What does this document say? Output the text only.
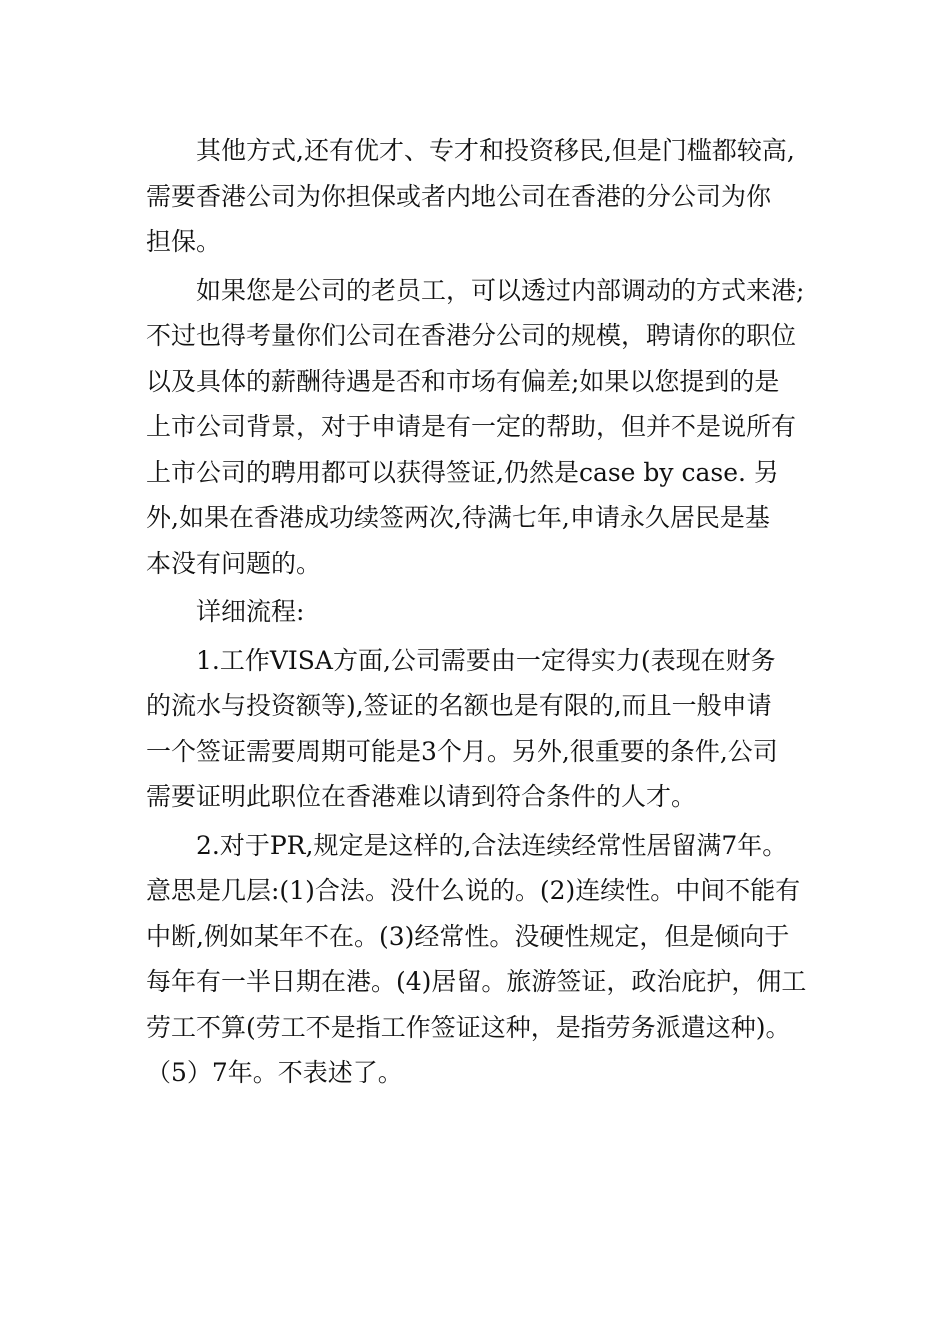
其他方式,还有优才、专才和投资移民,但是门槛都较高,
需要香港公司为你担保或者内地公司在香港的分公司为你
担保。
如果您是公司的老员工，可以透过内部调动的方式来港;
不过也得考量你们公司在香港分公司的规模，聘请你的职位
以及具体的薪酬待遇是否和市场有偏差;如果以您提到的是
上市公司背景，对于申请是有一定的帮助，但并不是说所有
上市公司的聘用都可以获得签证,仍然是case by case. 另
外,如果在香港成功续签两次,待满七年,申请永久居民是基
本没有问题的。
详细流程:
1.工作VISA方面,公司需要由一定得实力(表现在财务
的流水与投资额等),签证的名额也是有限的,而且一般申请
一个签证需要周期可能是3个月。另外,很重要的条件,公司
需要证明此职位在香港难以请到符合条件的人才。
2.对于PR,规定是这样的,合法连续经常性居留满7年。
意思是几层:(1)合法。没什么说的。(2)连续性。中间不能有
中断,例如某年不在。(3)经常性。没硬性规定，但是倾向于
每年有一半日期在港。(4)居留。旅游签证，政治庇护，佣工
劳工不算(劳工不是指工作签证这种，是指劳务派遣这种)。
（5）7年。不表述了。
